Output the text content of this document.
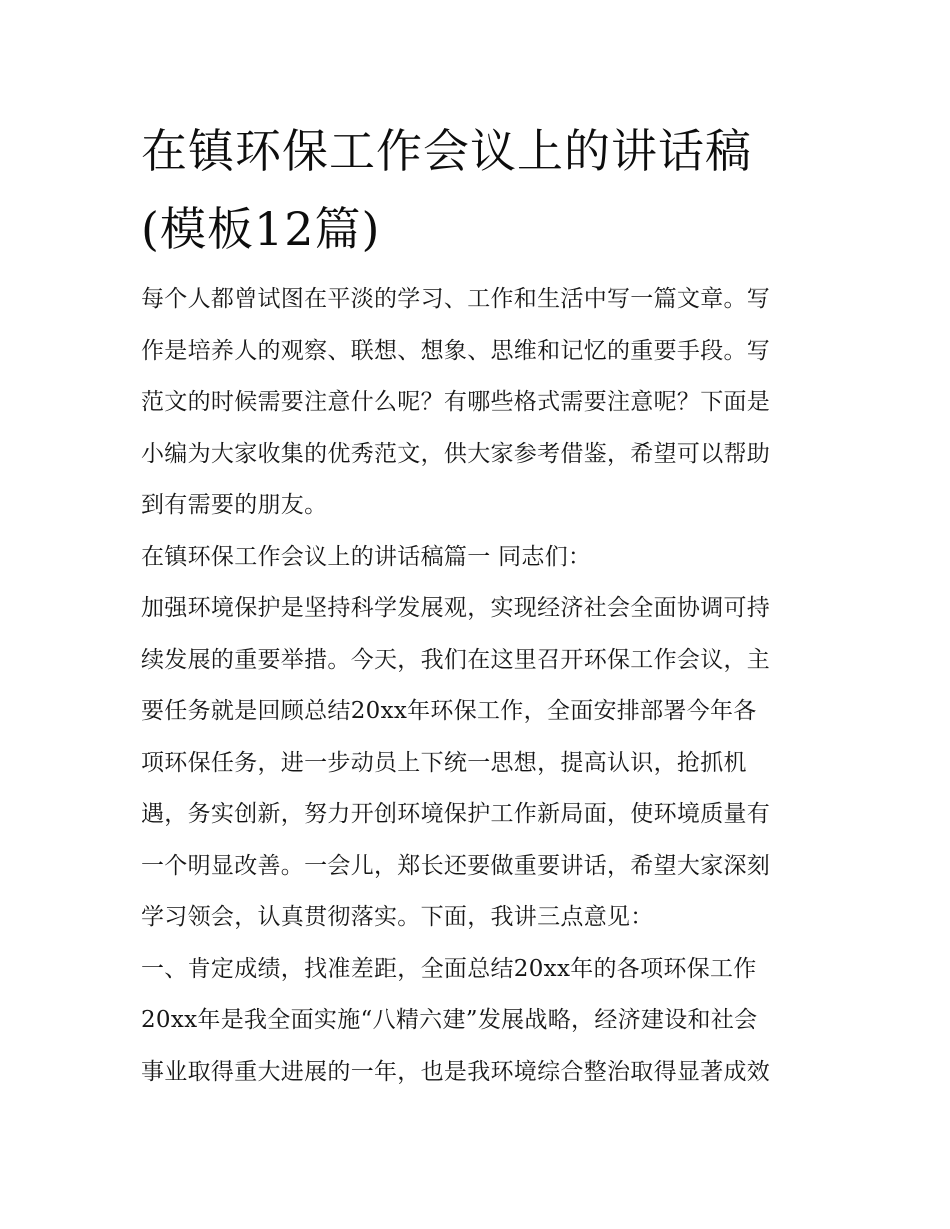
在镇环保工作会议上的讲话稿
(模板12篇)

每个人都曾试图在平淡的学习、工作和生活中写一篇文章。写
作是培养人的观察、联想、想象、思维和记忆的重要手段。写
范文的时候需要注意什么呢？有哪些格式需要注意呢？下面是
小编为大家收集的优秀范文，供大家参考借鉴，希望可以帮助
到有需要的朋友。

在镇环保工作会议上的讲话稿篇一 同志们：

加强环境保护是坚持科学发展观，实现经济社会全面协调可持
续发展的重要举措。今天，我们在这里召开环保工作会议，主
要任务就是回顾总结20xx年环保工作，全面安排部署今年各
项环保任务，进一步动员上下统一思想，提高认识，抢抓机
遇，务实创新，努力开创环境保护工作新局面，使环境质量有
一个明显改善。一会儿，郑长还要做重要讲话，希望大家深刻
学习领会，认真贯彻落实。下面，我讲三点意见：

一、肯定成绩，找准差距，全面总结20xx年的各项环保工作

20xx年是我全面实施“八精六建”发展战略，经济建设和社会
事业取得重大进展的一年，也是我环境综合整治取得显著成效
